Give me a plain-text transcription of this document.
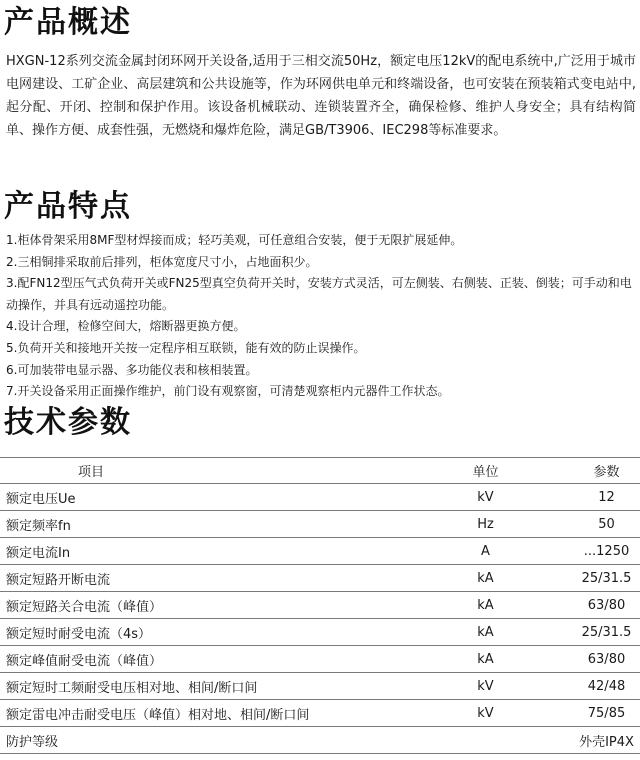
产品概述

HXGN-12系列交流金属封闭环网开关设备,适用于三相交流50Hz，额定电压12kV的配电系统中,广泛用于城市电网建设、工矿企业、高层建筑和公共设施等，作为环网供电单元和终端设备，也可安装在预装箱式变电站中,起分配、开闭、控制和保护作用。该设备机械联动、连锁装置齐全，确保检修、维护人身安全；具有结构简单、操作方便、成套性强，无燃烧和爆炸危险，满足GB/T3906、IEC298等标准要求。

产品特点
1.柜体骨架采用8MF型材焊接而成；轻巧美观，可任意组合安装，便于无限扩展延伸。
2.三相铜排采取前后排列，柜体宽度尺寸小，占地面积少。
3.配FN12型压气式负荷开关或FN25型真空负荷开关时，安装方式灵活，可左侧装、右侧装、正装、倒装；可手动和电动操作，并具有远动遥控功能。
4.设计合理，检修空间大，熔断器更换方便。
5.负荷开关和接地开关按一定程序相互联锁，能有效的防止误操作。
6.可加装带电显示器、多功能仪表和核相装置。
7.开关设备采用正面操作维护，前门设有观察窗，可清楚观察柜内元器件工作状态。
技术参数
项目	单位	参数
额定电压Ue	kV	12
额定频率fn	Hz	50
额定电流In	A	...1250
额定短路开断电流	kA	25/31.5
额定短路关合电流（峰值）	kA	63/80
额定短时耐受电流（4s）	kA	25/31.5
额定峰值耐受电流（峰值）	kA	63/80
额定短时工频耐受电压相对地、相间/断口间	kV	42/48
额定雷电冲击耐受电压（峰值）相对地、相间/断口间	kV	75/85
防护等级		外壳IP4X
